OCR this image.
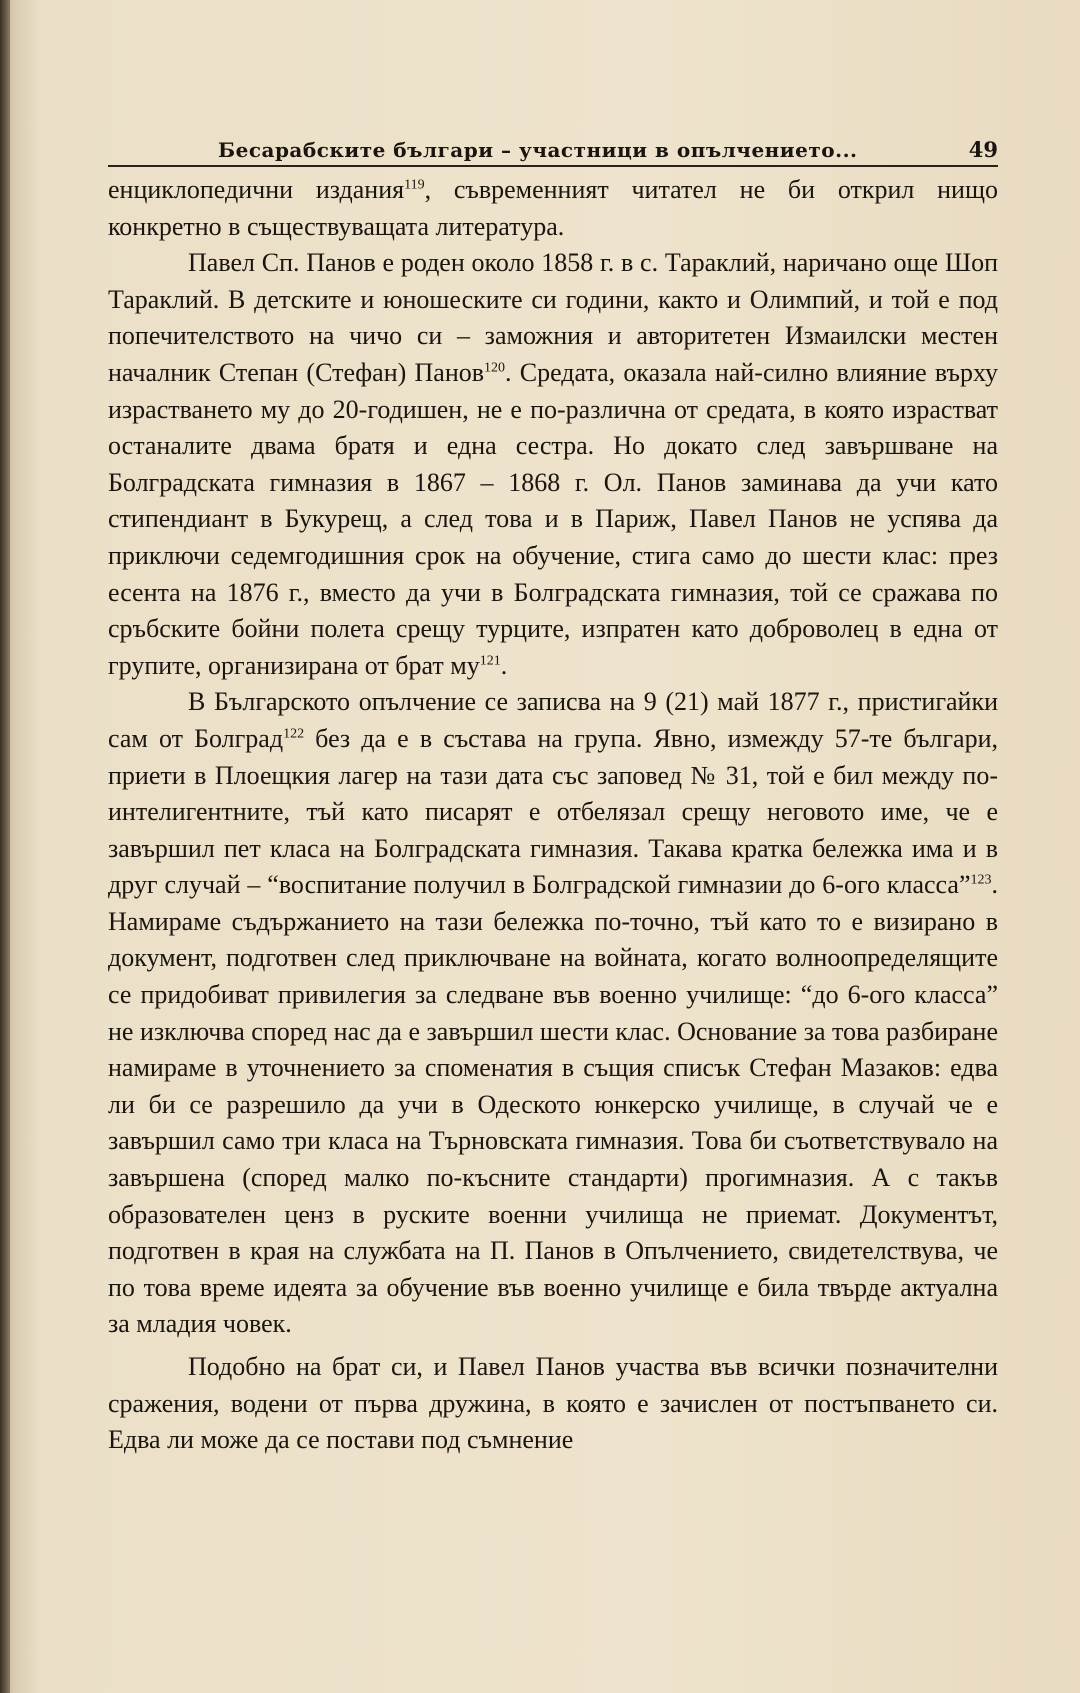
Бесарабските българи – участници в опълчението...	49

енциклопедични издания$^{119}$, съвременният читател не би открил нищо конкретно в съществуващата литература.

Павел Сп. Панов е роден около 1858 г. в с. Тараклий, наричано още Шоп Тараклий. В детските и юношеските си години, както и Олимпий, и той е под попечителството на чичо си – заможния и авторитетен Измаилски местен началник Степан (Стефан) Панов$^{120}$. Средата, оказала най-силно влияние върху израстването му до 20-годишен, не е по-различна от средата, в която израстват останалите двама братя и една сестра. Но докато след завършване на Болградската гимназия в 1867 – 1868 г. Ол. Панов заминава да учи като стипендиант в Букурещ, а след това и в Париж, Павел Панов не успява да приключи седемгодишния срок на обучение, стига само до шести клас: през есента на 1876 г., вместо да учи в Болградската гимназия, той се сражава по сръбските бойни полета срещу турците, изпратен като доброволец в една от групите, организирана от брат $му^{121}$.

В Българското опълчение се записва на 9 (21) май 1877 г., пристигайки сам от Болград$^{122}$ без да е в състава на група. Явно, измежду 57-те българи, приети в Плоещкия лагер на тази дата със заповед № 31, той е бил между по-интелигентните, тъй като писарят е отбелязал срещу неговото име, че е завършил пет класа на Болградската гимназия. Такава кратка бележка има и в друг случай – “воспитание получил в Болградской гимназии до 6-ого класса”$^{123}$. Намираме съдържанието на тази бележка по-точно, тъй като то е визирано в документ, подготвен след приключване на войната, когато волноопределящите се придобиват привилегия за следване във военно училище: “до 6-ого класса” не изключва според нас да е завършил шести клас. Основание за това разбиране намираме в уточнението за споменатия в същия списък Стефан Мазаков: едва ли би се разрешило да учи в Одеското юнкерско училище, в случай че е завършил само три класа на Търновската гимназия. Това би съответствувало на завършена (според малко по-късните стандарти) прогимназия. А с такъв образователен ценз в руските военни училища не приемат. Документът, подготвен в края на службата на П. Панов в Опълчението, свидетелствува, че по това време идеята за обучение във военно училище е била твърде актуална за младия човек.

Подобно на брат си, и Павел Панов участва във всички позначителни сражения, водени от първа дружина, в която е зачислен от постъпването си. Едва ли може да се постави под съмнение
